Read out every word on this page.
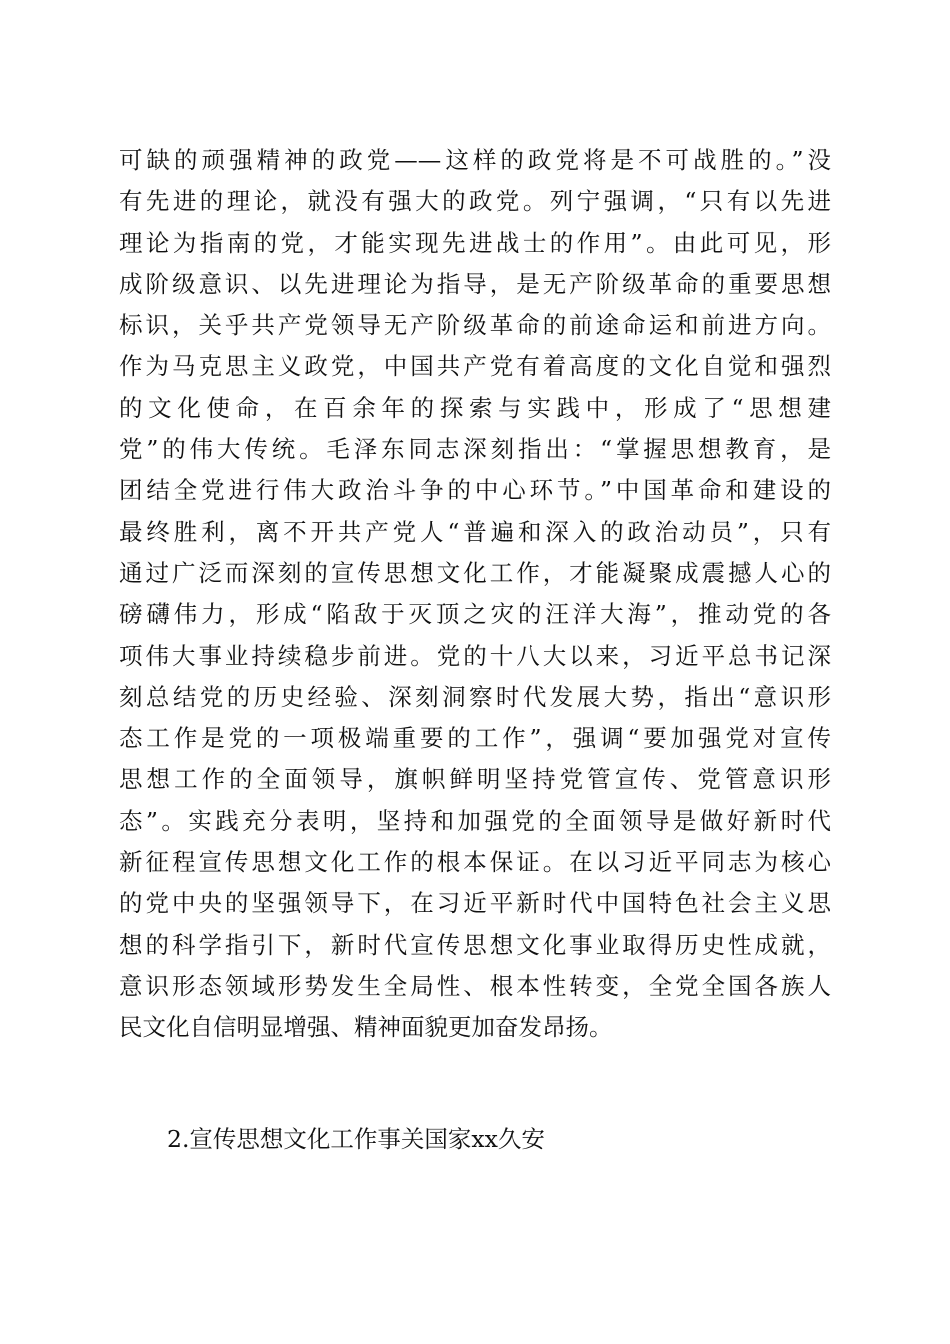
可缺的顽强精神的政党——这样的政党将是不可战胜的。”没
有先进的理论，就没有强大的政党。列宁强调，“只有以先进
理论为指南的党，才能实现先进战士的作用”。由此可见，形
成阶级意识、以先进理论为指导，是无产阶级革命的重要思想
标识，关乎共产党领导无产阶级革命的前途命运和前进方向。
作为马克思主义政党，中国共产党有着高度的文化自觉和强烈
的文化使命，在百余年的探索与实践中，形成了“思想建
党”的伟大传统。毛泽东同志深刻指出：“掌握思想教育，是
团结全党进行伟大政治斗争的中心环节。”中国革命和建设的
最终胜利，离不开共产党人“普遍和深入的政治动员”，只有
通过广泛而深刻的宣传思想文化工作，才能凝聚成震撼人心的
磅礴伟力，形成“陷敌于灭顶之灾的汪洋大海”，推动党的各
项伟大事业持续稳步前进。党的十八大以来，习近平总书记深
刻总结党的历史经验、深刻洞察时代发展大势，指出“意识形
态工作是党的一项极端重要的工作”，强调“要加强党对宣传
思想工作的全面领导，旗帜鲜明坚持党管宣传、党管意识形
态”。实践充分表明，坚持和加强党的全面领导是做好新时代
新征程宣传思想文化工作的根本保证。在以习近平同志为核心
的党中央的坚强领导下，在习近平新时代中国特色社会主义思
想的科学指引下，新时代宣传思想文化事业取得历史性成就，
意识形态领域形势发生全局性、根本性转变，全党全国各族人
民文化自信明显增强、精神面貌更加奋发昂扬。
2.宣传思想文化工作事关国家xx久安
